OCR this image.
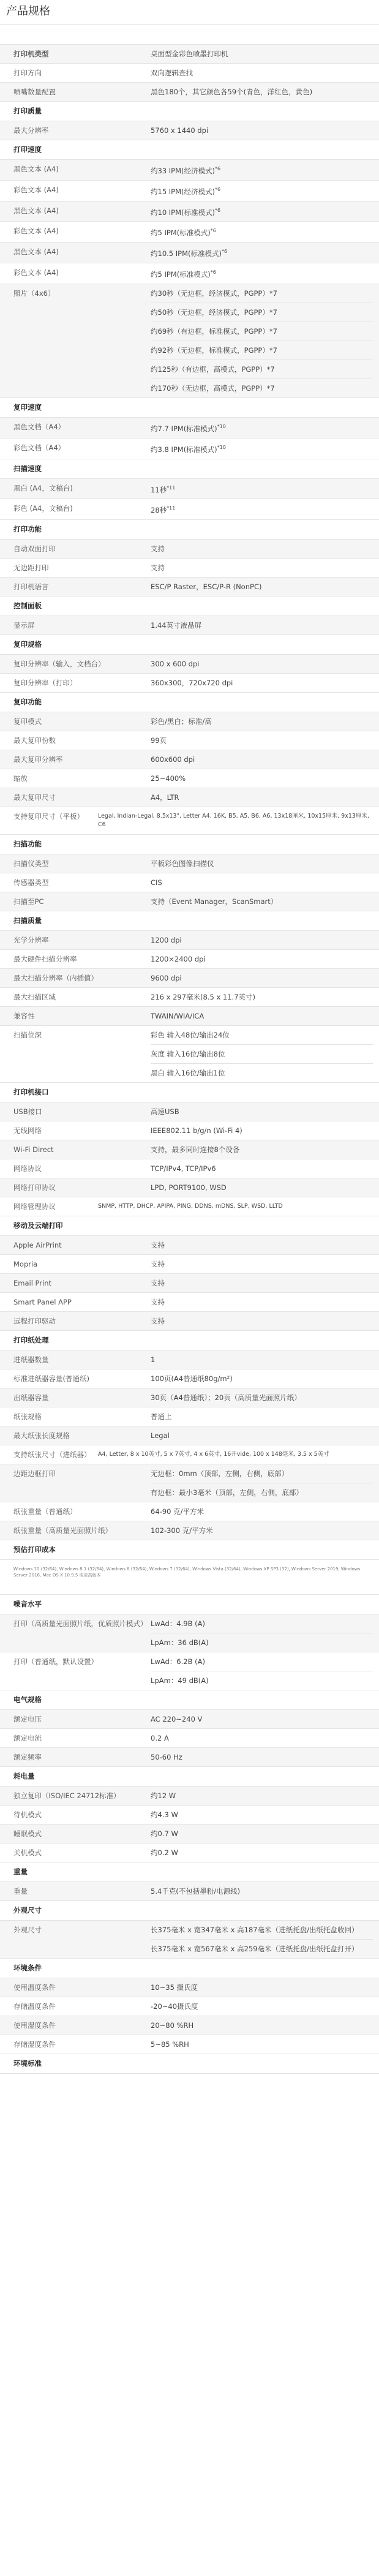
产品规格
打印机类型	桌面型金彩色喷墨打印机
打印方向	双向逻辑查找
喷嘴数量配置	黑色180个，其它颜色各59个(青色，洋红色，黄色)
打印质量
最大分辨率	5760 x 1440 dpi
打印速度
黑色文本 (A4)	约33 IPM(经济模式)$^{*6}$
彩色文本 (A4)	约15 IPM(经济模式)$^{*6}$
黑色文本 (A4)	约10 IPM(标准模式)$^{*6}$
彩色文本 (A4)	约5 IPM(标准模式)$^{*6}$
黑色文本 (A4)	约10.5 IPM(标准模式)$^{*6}$
彩色文本 (A4)	约5 IPM(标准模式)$^{*6}$
照片（4x6）	约30秒（无边框，经济模式，PGPP）*7
约50秒（无边框，经济模式，PGPP）*7
约69秒（有边框，标准模式，PGPP）*7
约92秒（无边框，标准模式，PGPP）*7
约125秒（有边框，高模式，PGPP）*7
约170秒（无边框，高模式，PGPP）*7
复印速度
黑色文档（A4）	约7.7 IPM(标准模式)$^{*10}$
彩色文档（A4）	约3.8 IPM(标准模式)$^{*10}$
扫描速度
黑白 (A4，文稿台)	11秒$^{*11}$
彩色 (A4，文稿台)	28秒$^{*11}$
打印功能
自动双面打印	支持
无边距打印	支持
打印机语言	ESC/P Raster，ESC/P-R (NonPC)
控制面板
显示屏	1.44英寸液晶屏
复印规格
复印分辨率（输入，文档台）	300 x 600 dpi
复印分辨率（打印）	360x300，720x720 dpi
复印功能
复印模式	彩色/黑白；标准/高
最大复印份数	99页
最大复印分辨率	600x600 dpi
缩放	25~400%
最大复印尺寸	A4，LTR
支持复印尺寸（平板）	Legal, Indian-Legal, 8.5x13", Letter A4, 16K, B5, A5, B6, A6, 13x18厘米, 10x15厘米, 9x13厘米, C6
扫描功能
扫描仪类型	平板彩色图像扫描仪
传感器类型	CIS
扫描至PC	支持（Event Manager，ScanSmart）
扫描质量
光学分辨率	1200 dpi
最大硬件扫描分辨率	1200×2400 dpi
最大扫描分辨率（内插值）	9600 dpi
最大扫描区域	216 x 297毫米(8.5 x 11.7英寸)
兼容性	TWAIN/WIA/ICA
扫描位深	彩色 输入48位/输出24位
灰度 输入16位/输出8位
黑白 输入16位/输出1位
打印机接口
USB接口	高速USB
无线网络	IEEE802.11 b/g/n (Wi-Fi 4)
Wi-Fi Direct	支持，最多同时连接8个设备
网络协议	TCP/IPv4, TCP/IPv6
网络打印协议	LPD, PORT9100, WSD
网络管理协议	SNMP, HTTP, DHCP, APIPA, PING, DDNS, mDNS, SLP, WSD, LLTD
移动及云端打印
Apple AirPrint	支持
Mopria	支持
Email Print	支持
Smart Panel APP	支持
远程打印驱动	支持
打印纸处理
进纸器数量	1
标准进纸器容量(普通纸)	100页(A4普通纸80g/m²)
出纸器容量	30页（A4普通纸）；20页（高质量光面照片纸）
纸张规格	普通上
最大纸张长度规格	Legal
支持纸张尺寸（进纸器）	A4, Letter, 8 x 10英寸, 5 x 7英寸, 4 x 6英寸, 16开vide, 100 x 148毫米, 3.5 x 5英寸
边距边框打印	无边框：0mm（顶部，左侧，右侧，底部）
有边框：最小3毫米（顶部，左侧，右侧，底部）
纸张重量（普通纸）	64-90 克/平方米
纸张重量（高质量光面照片纸）	102-300 克/平方米
预估打印成本
Windows 10 (32/64), Windows 8.1 (32/64), Windows 8 (32/64), Windows 7 (32/64), Windows Vista (32/64), Windows XP SP3 (32), Windows Server 2019, Windows Server 2016, Mac OS X 10.9.5 或更高版本
噪音水平
打印（高质量光面照片纸，优质照片模式） LwAd：4.9B (A)
LpAm：36 dB(A)
打印（普通纸，默认设置）	LwAd：6.2B (A)
LpAm：49 dB(A)
电气规格
额定电压	AC 220~240 V
额定电流	0.2 A
额定频率	50-60 Hz
耗电量
独立复印（ISO/IEC 24712标准）	约12 W
待机模式	约4.3 W
睡眠模式	约0.7 W
关机模式	约0.2 W
重量
重量	5.4千克(不包括墨粉/电源线)
外观尺寸
外观尺寸	长375毫米 x 宽347毫米 x 高187毫米（进纸托盘/出纸托盘收回）
长375毫米 x 宽567毫米 x 高259毫米（进纸托盘/出纸托盘打开）
环境条件
使用温度条件	10~35 摄氏度
存储温度条件	-20~40摄氏度
使用湿度条件	20~80 %RH
存储湿度条件	5~85 %RH
环境标准
